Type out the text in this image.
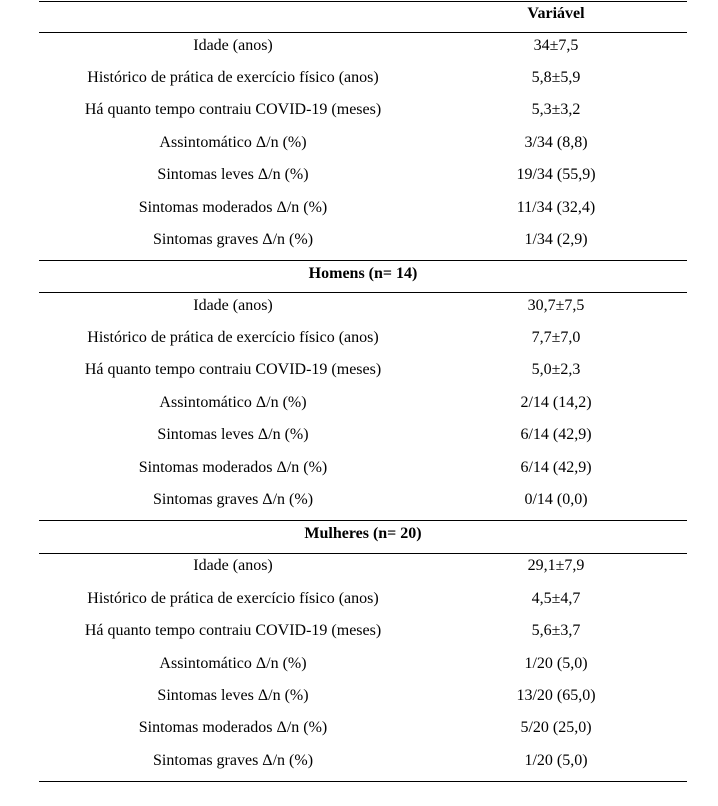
Variável
Idade (anos)	34±7,5
Histórico de prática de exercício físico (anos)	5,8±5,9
Há quanto tempo contraiu COVID-19 (meses)	5,3±3,2
Assintomático Δ/n (%)	3/34 (8,8)
Sintomas leves Δ/n (%)	19/34 (55,9)
Sintomas moderados Δ/n (%)	11/34 (32,4)
Sintomas graves Δ/n (%)	1/34 (2,9)
Homens (n= 14)
Idade (anos)	30,7±7,5
Histórico de prática de exercício físico (anos)	7,7±7,0
Há quanto tempo contraiu COVID-19 (meses)	5,0±2,3
Assintomático Δ/n (%)	2/14 (14,2)
Sintomas leves Δ/n (%)	6/14 (42,9)
Sintomas moderados Δ/n (%)	6/14 (42,9)
Sintomas graves Δ/n (%)	0/14 (0,0)
Mulheres (n= 20)
Idade (anos)	29,1±7,9
Histórico de prática de exercício físico (anos)	4,5±4,7
Há quanto tempo contraiu COVID-19 (meses)	5,6±3,7
Assintomático Δ/n (%)	1/20 (5,0)
Sintomas leves Δ/n (%)	13/20 (65,0)
Sintomas moderados Δ/n (%)	5/20 (25,0)
Sintomas graves Δ/n (%)	1/20 (5,0)
